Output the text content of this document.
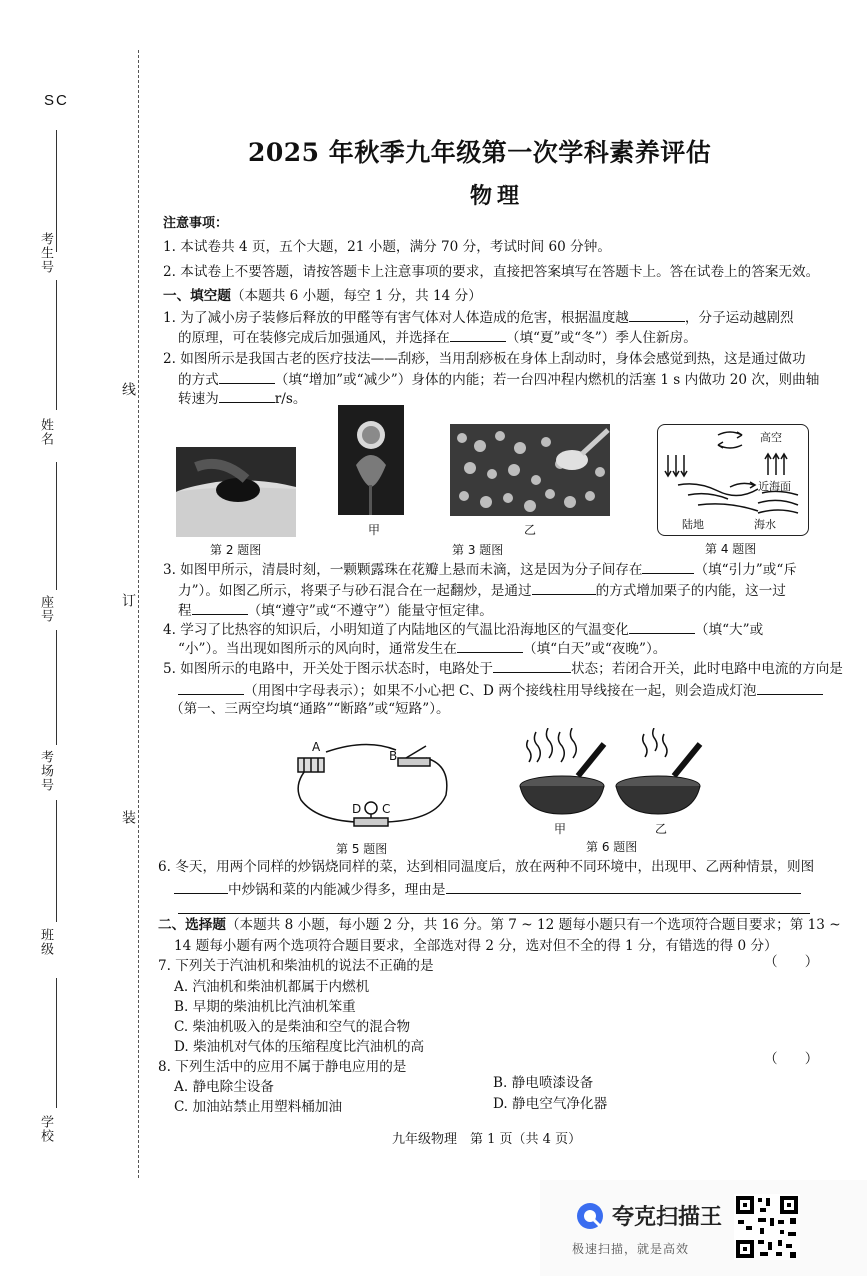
SC
考生号
姓名
座号
考场号
班级
学校
线
订
装
2025 年秋季九年级第一次学科素养评估
物理
注意事项：
1. 本试卷共 4 页，五个大题，21 小题，满分 70 分，考试时间 60 分钟。
2. 本试卷上不要答题，请按答题卡上注意事项的要求，直接把答案填写在答题卡上。答在试卷上的答案无效。
一、填空题（本题共 6 小题，每空 1 分，共 14 分）
1. 为了减小房子装修后释放的甲醛等有害气体对人体造成的危害，根据温度越	，分子运动越剧烈
的原理，可在装修完成后加强通风，并选择在	（填“夏”或“冬”）季人住新房。
2. 如图所示是我国古老的医疗技法——刮痧，当用刮痧板在身体上刮动时，身体会感觉到热，这是通过做功
的方式	（填“增加”或“减少”）身体的内能；若一台四冲程内燃机的活塞 1 s 内做功 20 次，则曲轴
转速为	r/s。
第 2 题图
甲	乙
第 3 题图
高空
近海面
陆地	海水
第 4 题图
3. 如图甲所示，清晨时刻，一颗颗露珠在花瓣上悬而未滴，这是因为分子间存在	（填“引力”或“斥
力”）。如图乙所示，将栗子与砂石混合在一起翻炒，是通过	的方式增加栗子的内能，这一过
程	（填“遵守”或“不遵守”）能量守恒定律。
4. 学习了比热容的知识后，小明知道了内陆地区的气温比沿海地区的气温变化	（填“大”或
“小”）。当出现如图所示的风向时，通常发生在	（填“白天”或“夜晚”）。
5. 如图所示的电路中，开关处于图示状态时，电路处于	状态；若闭合开关，此时电路中电流的方向是
（用图中字母表示）；如果不小心把 C、D 两个接线柱用导线接在一起，则会造成灯泡
（第一、三两空均填“通路”“断路”或“短路”）。
A
B
D C
第 5 题图
甲	乙
第 6 题图
6. 冬天，用两个同样的炒锅烧同样的菜，达到相同温度后，放在两种不同环境中，出现甲、乙两种情景，则图
中炒锅和菜的内能减少得多，理由是
二、选择题（本题共 8 小题，每小题 2 分，共 16 分。第 7 ~ 12 题每小题只有一个选项符合题目要求；第 13 ~
14 题每小题有两个选项符合题目要求，全部选对得 2 分，选对但不全的得 1 分，有错选的得 0 分）
7. 下列关于汽油机和柴油机的说法不正确的是	（　　）
A. 汽油机和柴油机都属于内燃机
B. 早期的柴油机比汽油机笨重
C. 柴油机吸入的是柴油和空气的混合物
D. 柴油机对气体的压缩程度比汽油机的高
8. 下列生活中的应用不属于静电应用的是	（　　）
A. 静电除尘设备	B. 静电喷漆设备
C. 加油站禁止用塑料桶加油	D. 静电空气净化器
九年级物理　第 1 页（共 4 页）
夸克扫描王
极速扫描，就是高效
